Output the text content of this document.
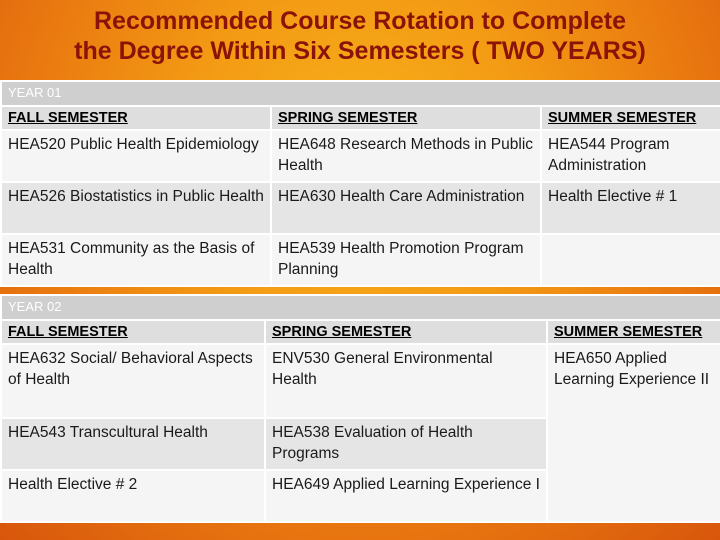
Recommended Course Rotation to Complete
the Degree Within Six Semesters ( TWO YEARS)
YEAR 01		
FALL SEMESTER	SPRING SEMESTER	SUMMER SEMESTER
HEA520 Public Health Epidemiology	HEA648 Research Methods in Public Health	HEA544 Program Administration
HEA526 Biostatistics in Public Health	HEA630 Health Care Administration	Health Elective # 1
HEA531 Community as the Basis of Health	HEA539 Health Promotion Program Planning	
YEAR 02		
FALL SEMESTER	SPRING SEMESTER	SUMMER SEMESTER
HEA632 Social/ Behavioral Aspects of Health	ENV530 General Environmental Health	HEA650 Applied Learning Experience II
HEA543 Transcultural Health	HEA538 Evaluation of Health Programs	
Health Elective # 2	HEA649 Applied Learning Experience I	
